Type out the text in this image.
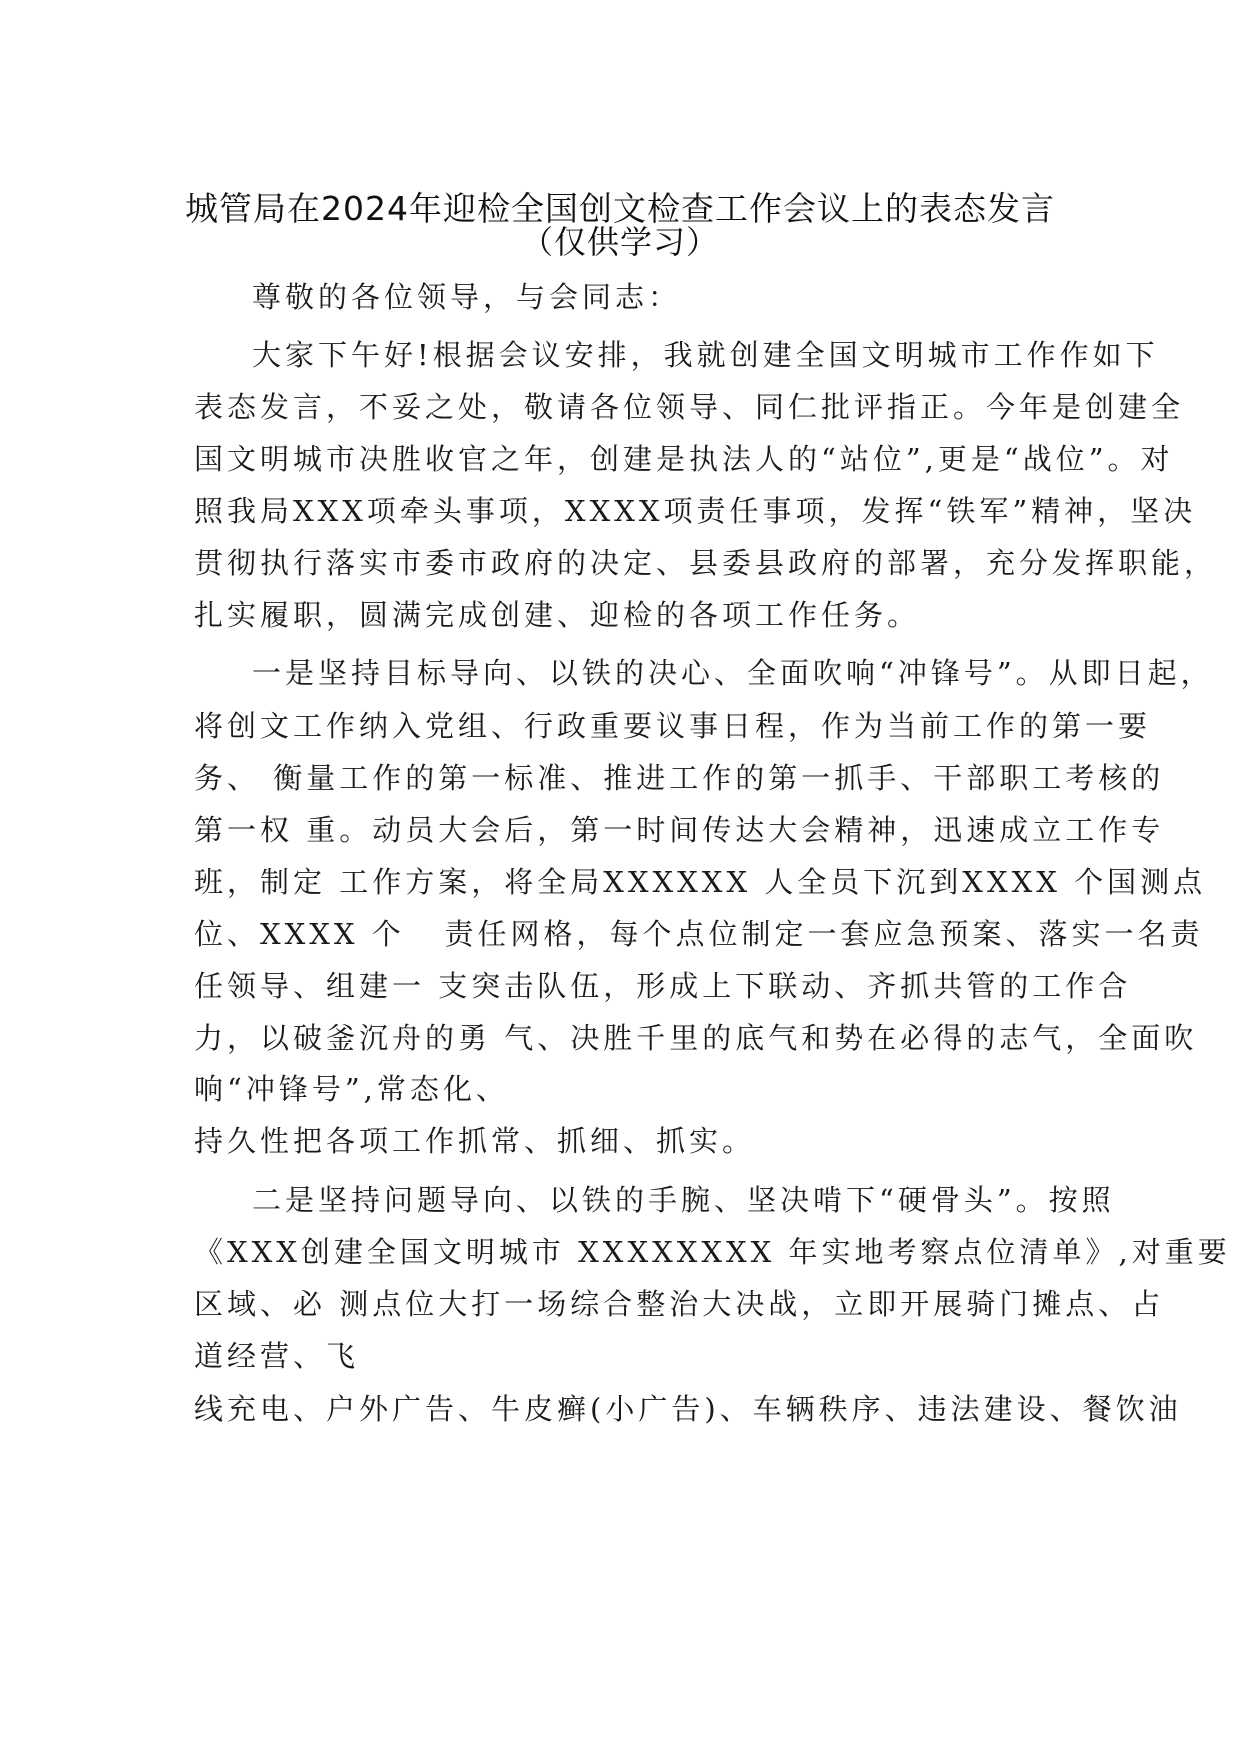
城管局在2024年迎检全国创文检查工作会议上的表态发言
（仅供学习）
尊敬的各位领导，与会同志：
大家下午好!根据会议安排，我就创建全国文明城市工作作如下
表态发言，不妥之处，敬请各位领导、同仁批评指正。今年是创建全
国文明城市决胜收官之年，创建是执法人的“站位”,更是“战位”。对
照我局XXX项牵头事项，XXXX项责任事项，发挥“铁军”精神，坚决
贯彻执行落实市委市政府的决定、县委县政府的部署，充分发挥职能，
扎实履职，圆满完成创建、迎检的各项工作任务。
一是坚持目标导向、以铁的决心、全面吹响“冲锋号”。从即日起，
将创文工作纳入党组、行政重要议事日程，作为当前工作的第一要
务、 衡量工作的第一标准、推进工作的第一抓手、干部职工考核的
第一权 重。动员大会后，第一时间传达大会精神，迅速成立工作专
班，制定 工作方案，将全局XXXXXX 人全员下沉到XXXX 个国测点
位、XXXX 个   责任网格，每个点位制定一套应急预案、落实一名责
任领导、组建一 支突击队伍，形成上下联动、齐抓共管的工作合
力，以破釜沉舟的勇 气、决胜千里的底气和势在必得的志气，全面吹
响“冲锋号”,常态化、
持久性把各项工作抓常、抓细、抓实。
二是坚持问题导向、以铁的手腕、坚决啃下“硬骨头”。按照
《XXX创建全国文明城市 XXXXXXXX 年实地考察点位清单》,对重要
区域、必 测点位大打一场综合整治大决战，立即开展骑门摊点、占
道经营、飞
线充电、户外广告、牛皮癣(小广告)、车辆秩序、违法建设、餐饮油
